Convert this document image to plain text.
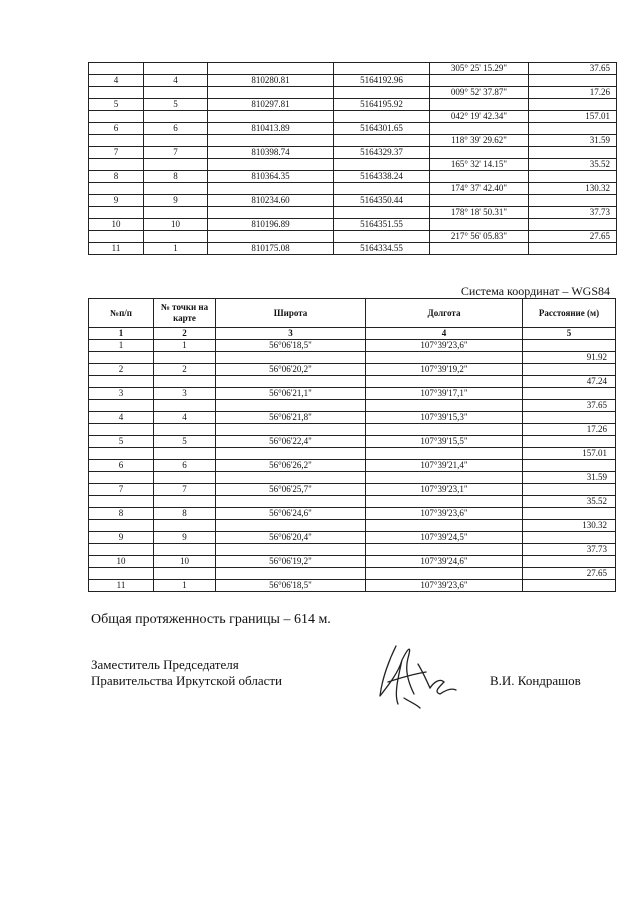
				305° 25' 15.29"	37.65
4	4	810280.81	5164192.96		
				009° 52' 37.87"	17.26
5	5	810297.81	5164195.92		
				042° 19' 42.34"	157.01
6	6	810413.89	5164301.65		
				118° 39' 29.62"	31.59
7	7	810398.74	5164329.37		
				165° 32' 14.15"	35.52
8	8	810364.35	5164338.24		
				174° 37' 42.40"	130.32
9	9	810234.60	5164350.44		
				178° 18' 50.31"	37.73
10	10	810196.89	5164351.55		
				217° 56' 05.83"	27.65
11	1	810175.08	5164334.55		
Система координат – WGS84
№п/п	№ точки на карте	Широта	Долгота	Расстояние (м)
1	2	3	4	5
1	1	56°06'18,5"	107°39'23,6"	
				91.92
2	2	56°06'20,2"	107°39'19,2"	
				47.24
3	3	56°06'21,1"	107°39'17,1"	
				37.65
4	4	56°06'21,8"	107°39'15,3"	
				17.26
5	5	56°06'22,4"	107°39'15,5"	
				157.01
6	6	56°06'26,2"	107°39'21,4"	
				31.59
7	7	56°06'25,7"	107°39'23,1"	
				35.52
8	8	56°06'24,6"	107°39'23,6"	
				130.32
9	9	56°06'20,4"	107°39'24,5"	
				37.73
10	10	56°06'19,2"	107°39'24,6"	
				27.65
11	1	56°06'18,5"	107°39'23,6"	
Общая протяженность границы – 614 м.
Заместитель Председателя
Правительства Иркутской области	В.И. Кондрашов
